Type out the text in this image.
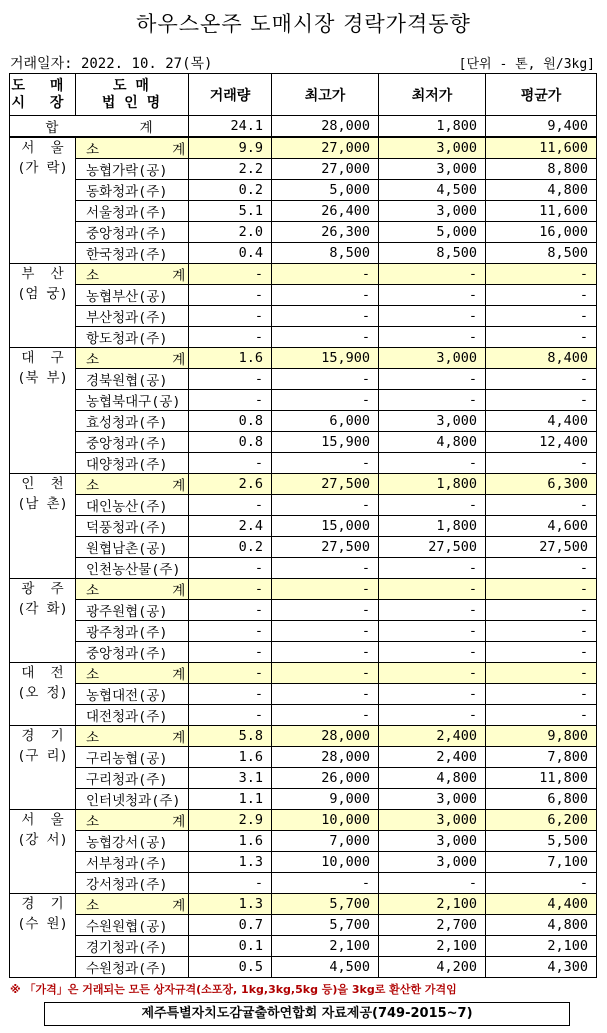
하우스온주 도매시장 경락가격동향
거래일자: 2022. 10. 27(목)	[단위 - 톤, 원/3kg]
도 매
시 장	도 매
법 인 명	거래량	최고가	최저가	평균가
합          계		24.1	28,000	1,800	9,400

서  울
(가 락)	소         계	9.9	27,000	3,000	11,600
	농협가락(공)	2.2	27,000	3,000	8,800
	동화청과(주)	0.2	5,000	4,500	4,800
	서울청과(주)	5.1	26,400	3,000	11,600
	중앙청과(주)	2.0	26,300	5,000	16,000
	한국청과(주)	0.4	8,500	8,500	8,500

부  산
(엄 궁)	소         계	-	-	-	-
	농협부산(공)	-	-	-	-
	부산청과(주)	-	-	-	-
	항도청과(주)	-	-	-	-

대  구
(북 부)	소         계	1.6	15,900	3,000	8,400
	경북원협(공)	-	-	-	-
	농협북대구(공)	-	-	-	-
	효성청과(주)	0.8	6,000	3,000	4,400
	중앙청과(주)	0.8	15,900	4,800	12,400
	대양청과(주)	-	-	-	-

인  천
(남 촌)	소         계	2.6	27,500	1,800	6,300
	대인농산(주)	-	-	-	-
	덕풍청과(주)	2.4	15,000	1,800	4,600
	원협남촌(공)	0.2	27,500	27,500	27,500
	인천농산물(주)	-	-	-	-

광  주
(각 화)	소         계	-	-	-	-
	광주원협(공)	-	-	-	-
	광주청과(주)	-	-	-	-
	중앙청과(주)	-	-	-	-

대  전
(오 정)	소         계	-	-	-	-
	농협대전(공)	-	-	-	-
	대전청과(주)	-	-	-	-

경  기
(구 리)	소         계	5.8	28,000	2,400	9,800
	구리농협(공)	1.6	28,000	2,400	7,800
	구리청과(주)	3.1	26,000	4,800	11,800
	인터넷청과(주)	1.1	9,000	3,000	6,800

서  울
(강 서)	소         계	2.9	10,000	3,000	6,200
	농협강서(공)	1.6	7,000	3,000	5,500
	서부청과(주)	1.3	10,000	3,000	7,100
	강서청과(주)	-	-	-	-

경  기
(수 원)	소         계	1.3	5,700	2,100	4,400
	수원원협(공)	0.7	5,700	2,700	4,800
	경기청과(주)	0.1	2,100	2,100	2,100
	수원청과(주)	0.5	4,500	4,200	4,300
※ 「가격」은 거래되는 모든 상자규격(소포장, 1kg,3kg,5kg 등)을 3kg로 환산한 가격임
제주특별자치도감귤출하연합회 자료제공(749-2015~7)
